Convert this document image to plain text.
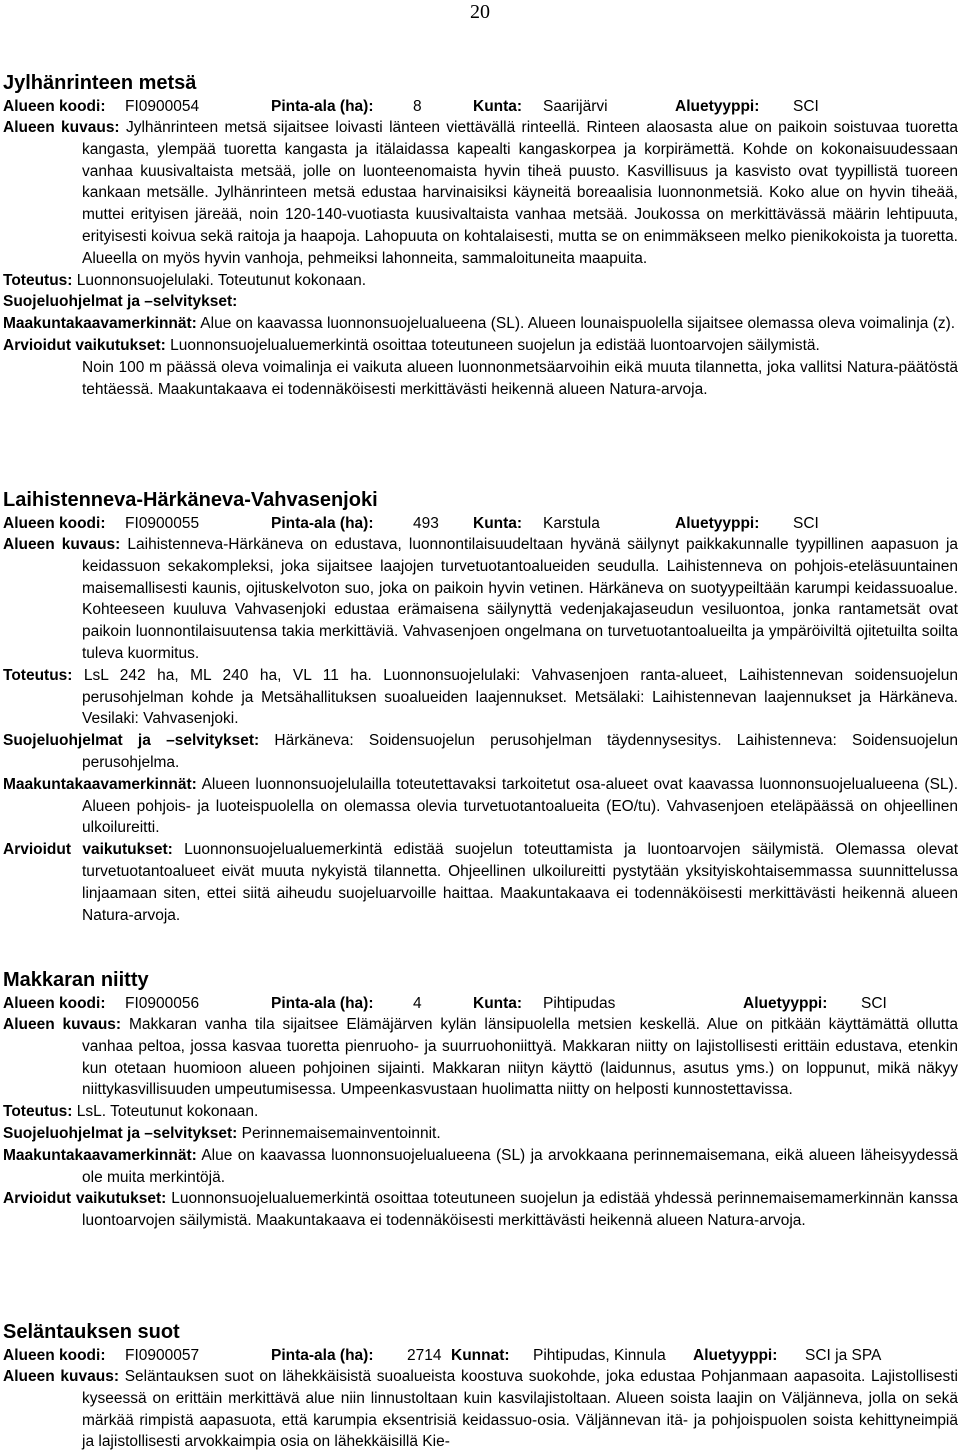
20
Jylhänrinteen metsä
Alueen koodi: FI0900054	Pinta-ala (ha):	8	Kunta: Saarijärvi	Aluetyyppi: SCI

Alueen kuvaus: Jylhänrinteen metsä sijaitsee loivasti länteen viettävällä rinteellä. Rinteen alaosasta alue on paikoin soistuvaa tuoretta kangasta, ylempää tuoretta kangasta ja itälaidassa kapealti kangaskorpea ja korpirämettä. Kohde on kokonaisuudessaan vanhaa kuusivaltaista metsää, jolle on luonteenomaista hyvin tiheä puusto. Kasvillisuus ja kasvisto ovat tyypillistä tuoreen kankaan metsälle. Jylhänrinteen metsä edustaa harvinaisiksi käyneitä boreaalisia luonnonmetsiä. Koko alue on hyvin tiheää, muttei erityisen järeää, noin 120-140-vuotiasta kuusivaltaista vanhaa metsää. Joukossa on merkittävässä määrin lehtipuuta, erityisesti koivua sekä raitoja ja haapoja. Lahopuuta on kohtalaisesti, mutta se on enimmäkseen melko pienikokoista ja tuoretta. Alueella on myös hyvin vanhoja, pehmeiksi lahonneita, sammaloituneita maapuita.

Toteutus: Luonnonsuojelulaki. Toteutunut kokonaan.

Suojeluohjelmat ja –selvitykset:

Maakuntakaavamerkinnät: Alue on kaavassa luonnonsuojelualueena (SL). Alueen lounaispuolella sijaitsee olemassa oleva voimalinja (z).

Arvioidut vaikutukset: Luonnonsuojelualuemerkintä osoittaa toteutuneen suojelun ja edistää luontoarvojen säilymistä.

Noin 100 m päässä oleva voimalinja ei vaikuta alueen luonnonmetsäarvoihin eikä muuta tilannetta, joka vallitsi Natura-päätöstä tehtäessä. Maakuntakaava ei todennäköisesti merkittävästi heikennä alueen Natura-arvoja.

Laihistenneva-Härkäneva-Vahvasenjoki
Alueen koodi: FI0900055	Pinta-ala (ha):	493 Kunta: Karstula	Aluetyyppi: SCI

Alueen kuvaus: Laihistenneva-Härkäneva on edustava, luonnontilaisuudeltaan hyvänä säilynyt paikkakunnalle tyypillinen aapasuon ja keidassuon sekakompleksi, joka sijaitsee laajojen turvetuotantoalueiden seudulla. Laihistenneva on pohjois-eteläsuuntainen maisemallisesti kaunis, ojituskelvoton suo, joka on paikoin hyvin vetinen. Härkäneva on suotyypeiltään karumpi keidassuoalue. Kohteeseen kuuluva Vahvasenjoki edustaa erämaisena säilynyttä vedenjakajaseudun vesiluontoa, jonka rantametsät ovat paikoin luonnontilaisuutensa takia merkittäviä. Vahvasenjoen ongelmana on turvetuotantoalueilta ja ympäröiviltä ojitetuilta soilta tuleva kuormitus.

Toteutus: LsL 242 ha, ML 240 ha, VL 11 ha. Luonnonsuojelulaki: Vahvasenjoen ranta-alueet, Laihistennevan soidensuojelun perusohjelman kohde ja Metsähallituksen suoalueiden laajennukset. Metsälaki: Laihistennevan laajennukset ja Härkäneva. Vesilaki: Vahvasenjoki.

Suojeluohjelmat ja –selvitykset: Härkäneva: Soidensuojelun perusohjelman täydennysesitys. Laihistenneva: Soidensuojelun perusohjelma.

Maakuntakaavamerkinnät: Alueen luonnonsuojelulailla toteutettavaksi tarkoitetut osa-alueet ovat kaavassa luonnonsuojelualueena (SL). Alueen pohjois- ja luoteispuolella on olemassa olevia turvetuotantoalueita (EO/tu). Vahvasenjoen eteläpäässä on ohjeellinen ulkoilureitti.

Arvioidut vaikutukset: Luonnonsuojelualuemerkintä edistää suojelun toteuttamista ja luontoarvojen säilymistä. Olemassa olevat turvetuotantoalueet eivät muuta nykyistä tilannetta. Ohjeellinen ulkoilureitti pystytään yksityiskohtaisemmassa suunnittelussa linjaamaan siten, ettei siitä aiheudu suojeluarvoille haittaa. Maakuntakaava ei todennäköisesti merkittävästi heikennä alueen Natura-arvoja.

Makkaran niitty
Alueen koodi: FI0900056	Pinta-ala (ha):	4	Kunta: Pihtipudas	Aluetyyppi: SCI

Alueen kuvaus: Makkaran vanha tila sijaitsee Elämäjärven kylän länsipuolella metsien keskellä. Alue on pitkään käyttämättä ollutta vanhaa peltoa, jossa kasvaa tuoretta pienruoho- ja suurruohoniittyä. Makkaran niitty on lajistollisesti erittäin edustava, etenkin kun otetaan huomioon alueen pohjoinen sijainti. Makkaran niityn käyttö (laidunnus, asutus yms.) on loppunut, mikä näkyy niittykasvillisuuden umpeutumisessa. Umpeenkasvustaan huolimatta niitty on helposti kunnostettavissa.

Toteutus: LsL. Toteutunut kokonaan.

Suojeluohjelmat ja –selvitykset: Perinnemaisemainventoinnit.

Maakuntakaavamerkinnät: Alue on kaavassa luonnonsuojelualueena (SL) ja arvokkaana perinnemaisemana, eikä alueen läheisyydessä ole muita merkintöjä.

Arvioidut vaikutukset: Luonnonsuojelualuemerkintä osoittaa toteutuneen suojelun ja edistää yhdessä perinnemaisemamerkinnän kanssa luontoarvojen säilymistä. Maakuntakaava ei todennäköisesti merkittävästi heikennä alueen Natura-arvoja.

Seläntauksen suot
Alueen koodi: FI0900057	Pinta-ala (ha): 2714 Kunnat: Pihtipudas, Kinnula Aluetyyppi: SCI ja SPA

Alueen kuvaus: Seläntauksen suot on lähekkäisistä suoalueista koostuva suokohde, joka edustaa Pohjanmaan aapasoita. Lajistollisesti kyseessä on erittäin merkittävä alue niin linnustoltaan kuin kasvilajistoltaan. Alueen soista laajin on Väljänneva, jolla on sekä märkää rimpistä aapasuota, että karumpia eksentrisiä keidassuo-osia. Väljännevan itä- ja pohjoispuolen soista kehittyneimpiä ja lajistollisesti arvokkaimpia osia on lähekkäisillä Kie-
